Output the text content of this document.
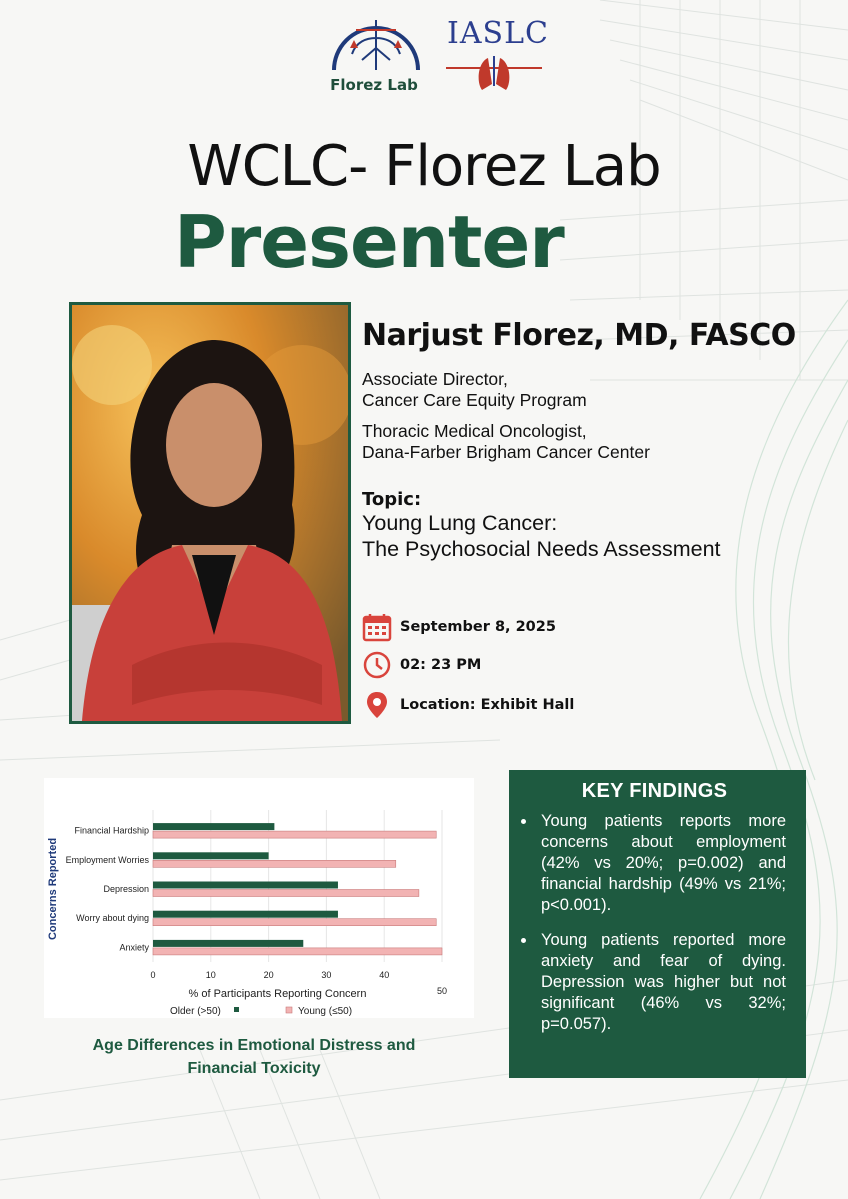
Florez Lab
IASLC
WCLC- Florez Lab
Presenter
Narjust Florez, MD, FASCO
Associate Director,
Cancer Care Equity Program
Thoracic Medical Oncologist,
Dana-Farber Brigham Cancer Center
Topic:
Young Lung Cancer:
The Psychosocial Needs Assessment
September 8, 2025
02: 23 PM
Location: Exhibit Hall
Financial Hardship
Employment Worries
Depression
Worry about dying
Anxiety
0	10	20	30	40
50
% of Participants Reporting Concern
Concerns Reported
Older (>50)	Young (≤50)
Age Differences in Emotional Distress and
Financial Toxicity
KEY FINDINGS
• Young patients reports more concerns about employment (42% vs 20%; p=0.002) and financial hardship (49% vs 21%; p<0.001).
• Young patients reported more anxiety and fear of dying. Depression was higher but not significant (46% vs 32%; p=0.057).
